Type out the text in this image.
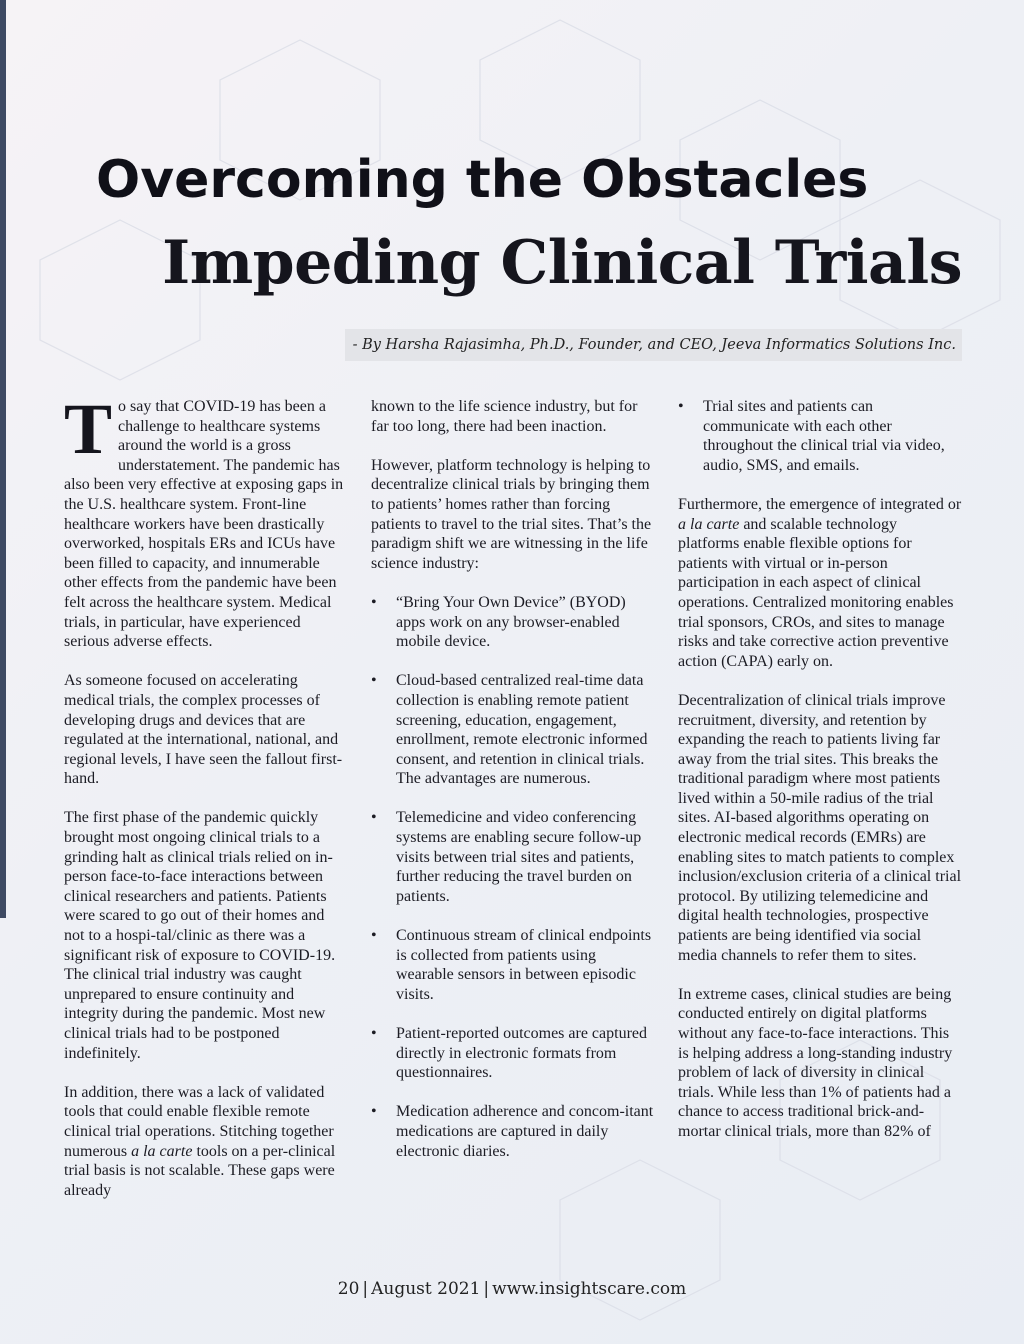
Overcoming the Obstacles
Impeding Clinical Trials
- By Harsha Rajasimha, Ph.D., Founder, and CEO, Jeeva Informatics Solutions Inc.

To say that COVID-19 has been a challenge to healthcare systems around the world is a gross understatement. The pandemic has also been very effective at exposing gaps in the U.S. healthcare system. Front-line healthcare workers have been drastically overworked, hospitals ERs and ICUs have been filled to capacity, and innumerable other effects from the pandemic have been felt across the healthcare system. Medical trials, in particular, have experienced serious adverse effects.

As someone focused on accelerating medical trials, the complex processes of developing drugs and devices that are regulated at the international, national, and regional levels, I have seen the fallout first-hand.

The first phase of the pandemic quickly brought most ongoing clinical trials to a grinding halt as clinical trials relied on in-person face-to-face interactions between clinical researchers and patients. Patients were scared to go out of their homes and not to a hospi-tal/clinic as there was a significant risk of exposure to COVID-19. The clinical trial industry was caught unprepared to ensure continuity and integrity during the pandemic. Most new clinical trials had to be postponed indefinitely.

In addition, there was a lack of validated tools that could enable flexible remote clinical trial operations. Stitching together numerous a la carte tools on a per-clinical trial basis is not scalable. These gaps were already

known to the life science industry, but for far too long, there had been inaction.

However, platform technology is helping to decentralize clinical trials by bringing them to patients’ homes rather than forcing patients to travel to the trial sites. That’s the paradigm shift we are witnessing in the life science industry:

• “Bring Your Own Device” (BYOD) apps work on any browser-enabled mobile device.
• Cloud-based centralized real-time data collection is enabling remote patient screening, education, engagement, enrollment, remote electronic informed consent, and retention in clinical trials. The advantages are numerous.
• Telemedicine and video conferencing systems are enabling secure follow-up visits between trial sites and patients, further reducing the travel burden on patients.
• Continuous stream of clinical endpoints is collected from patients using wearable sensors in between episodic visits.
• Patient-reported outcomes are captured directly in electronic formats from questionnaires.
• Medication adherence and concom-itant medications are captured in daily electronic diaries.
• Trial sites and patients can communicate with each other throughout the clinical trial via video, audio, SMS, and emails.

Furthermore, the emergence of integrated or a la carte and scalable technology platforms enable flexible options for patients with virtual or in-person participation in each aspect of clinical operations. Centralized monitoring enables trial sponsors, CROs, and sites to manage risks and take corrective action preventive action (CAPA) early on.

Decentralization of clinical trials improve recruitment, diversity, and retention by expanding the reach to patients living far away from the trial sites. This breaks the traditional paradigm where most patients lived within a 50-mile radius of the trial sites. AI-based algorithms operating on electronic medical records (EMRs) are enabling sites to match patients to complex inclusion/exclusion criteria of a clinical trial protocol. By utilizing telemedicine and digital health technologies, prospective patients are being identified via social media channels to refer them to sites.

In extreme cases, clinical studies are being conducted entirely on digital platforms without any face-to-face interactions. This is helping address a long-standing industry problem of lack of diversity in clinical trials. While less than 1% of patients had a chance to access traditional brick-and-mortar clinical trials, more than 82% of

20 | August 2021 | www.insightscare.com
